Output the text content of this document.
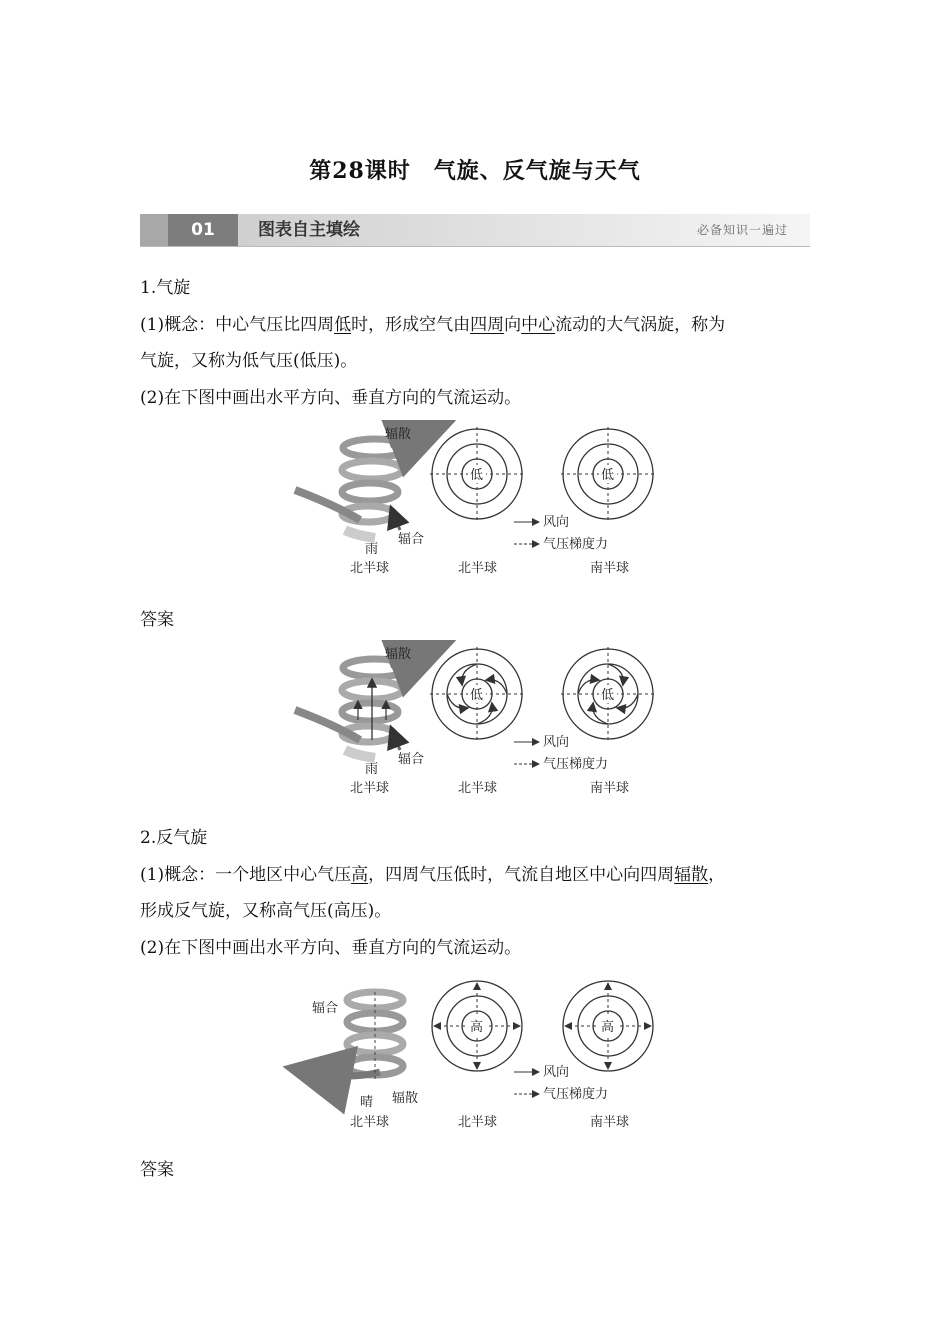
第28课时　气旋、反气旋与天气
01	图表自主填绘	必备知识一遍过
1.气旋
(1)概念：中心气压比四周低时，形成空气由四周向中心流动的大气涡旋，称为
气旋，又称为低气压(低压)。
(2)在下图中画出水平方向、垂直方向的气流运动。
辐散
辐合
雨
低	低
风向
气压梯度力
北半球	北半球	南半球
答案
辐散
辐合
雨
低	低
风向
气压梯度力
北半球	北半球	南半球
2.反气旋
(1)概念：一个地区中心气压高，四周气压低时，气流自地区中心向四周辐散，
形成反气旋，又称高气压(高压)。
(2)在下图中画出水平方向、垂直方向的气流运动。
辐合
辐散
晴
高	高
风向
气压梯度力
北半球	北半球	南半球
答案
